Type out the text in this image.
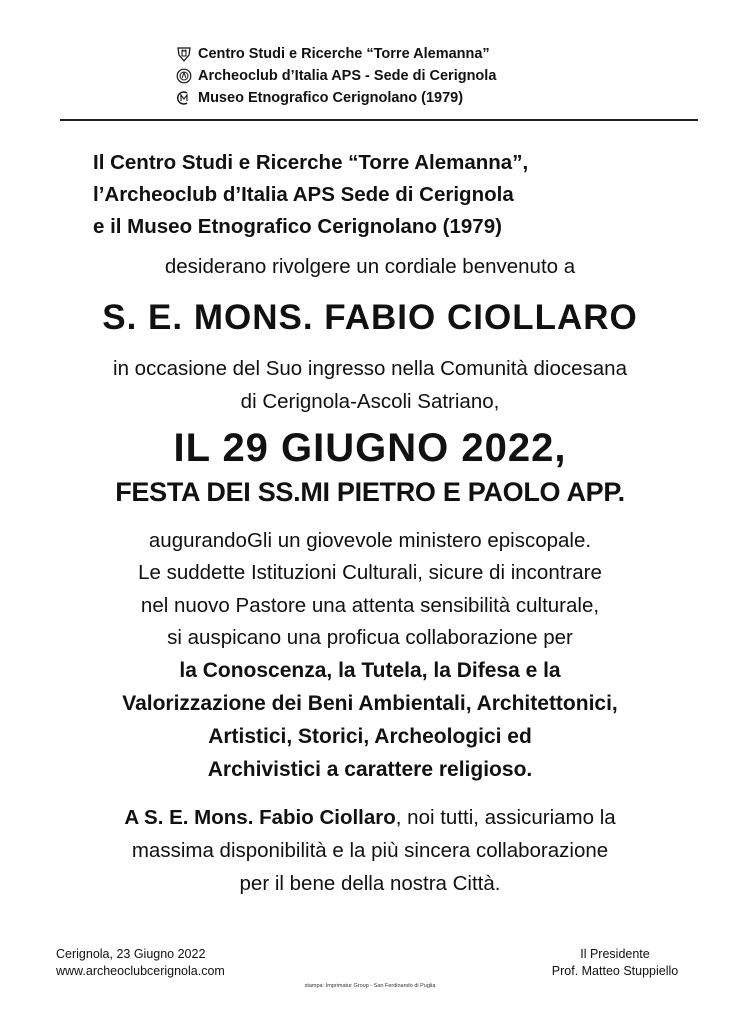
Centro Studi e Ricerche “Torre Alemanna”
Archeoclub d’Italia APS - Sede di Cerignola
Museo Etnografico Cerignolano (1979)
Il Centro Studi e Ricerche “Torre Alemanna”,
l’Archeoclub d’Italia APS Sede di Cerignola
e il Museo Etnografico Cerignolano (1979)
desiderano rivolgere un cordiale benvenuto a
S. E. MONS. FABIO CIOLLARO
in occasione del Suo ingresso nella Comunità diocesana
di Cerignola-Ascoli Satriano,
IL 29 GIUGNO 2022,
FESTA DEI SS.MI PIETRO E PAOLO APP.
augurandoGli un giovevole ministero episcopale.
Le suddette Istituzioni Culturali, sicure di incontrare
nel nuovo Pastore una attenta sensibilità culturale,
si auspicano una proficua collaborazione per
la Conoscenza, la Tutela, la Difesa e la
Valorizzazione dei Beni Ambientali, Architettonici,
Artistici, Storici, Archeologici ed
Archivistici a carattere religioso.
A S. E. Mons. Fabio Ciollaro, noi tutti, assicuriamo la
massima disponibilità e la più sincera collaborazione
per il bene della nostra Città.
Cerignola, 23 Giugno 2022
www.archeoclubcerignola.com
Il Presidente
Prof. Matteo Stuppiello
stampa: Imprimatur Group - San Ferdinando di Puglia
